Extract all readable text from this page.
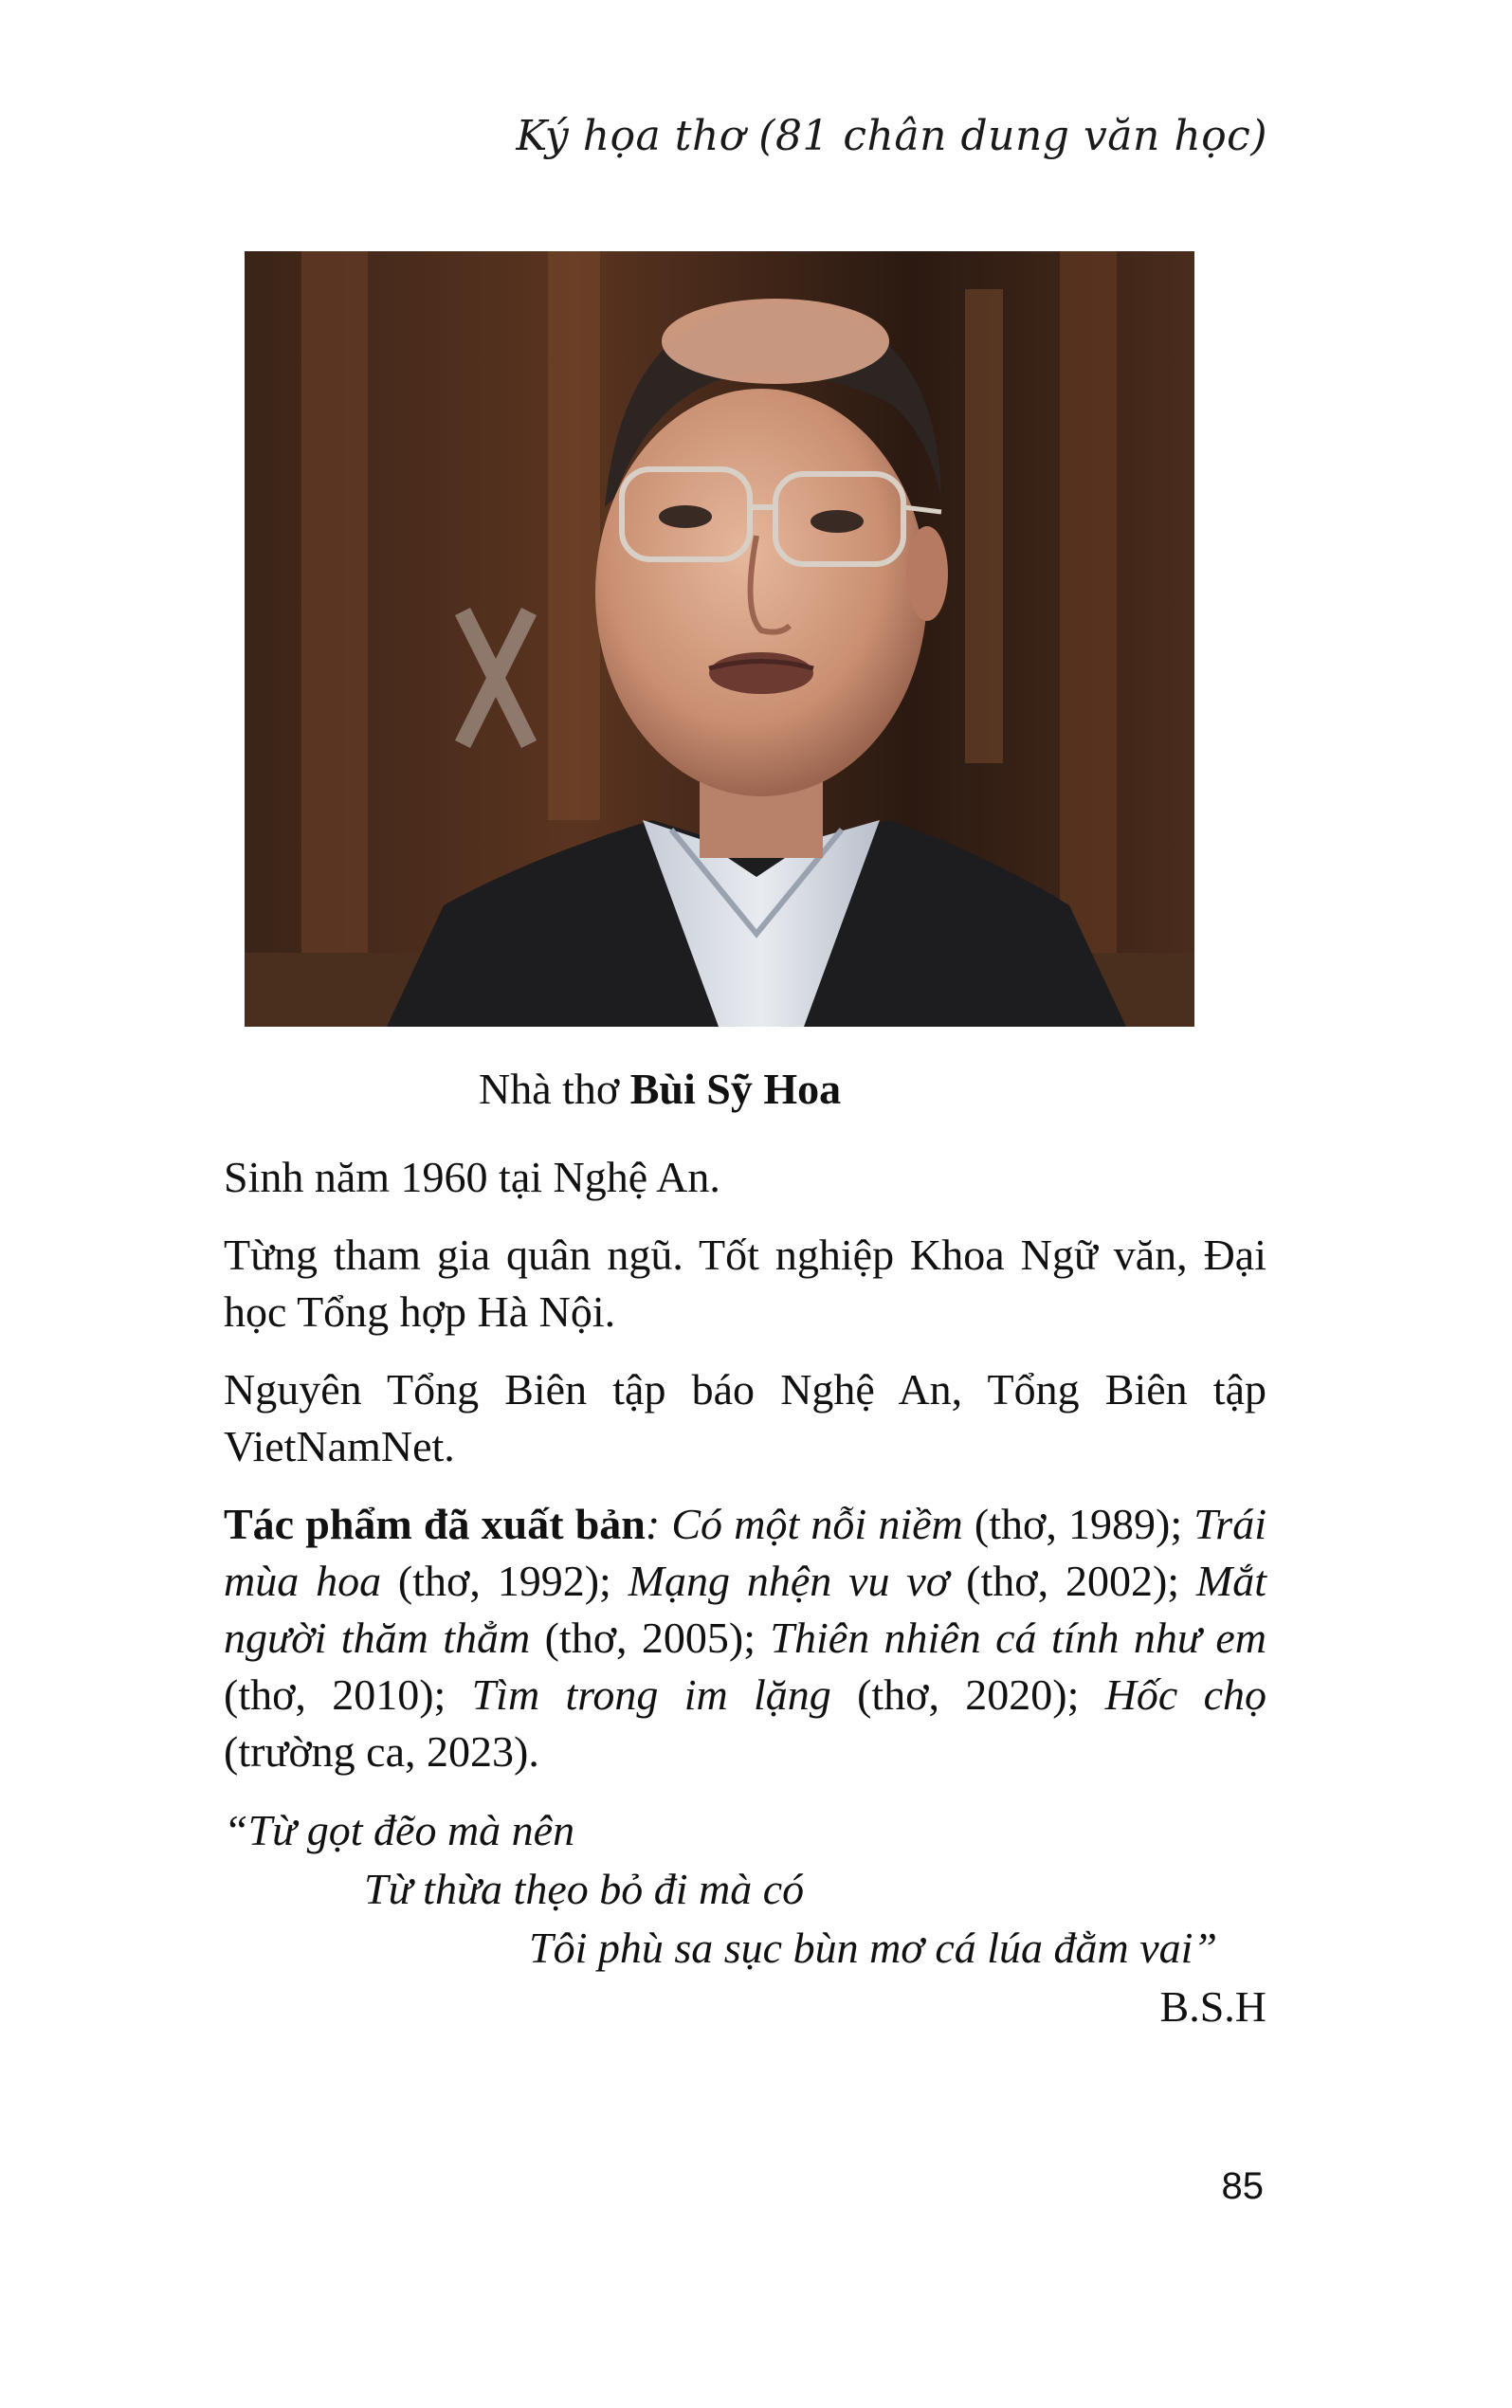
Ký họa thơ (81 chân dung văn học)
Nhà thơ Bùi Sỹ Hoa

Sinh năm 1960 tại Nghệ An.

Từng tham gia quân ngũ. Tốt nghiệp Khoa Ngữ văn, Đại học Tổng hợp Hà Nội.

Nguyên Tổng Biên tập báo Nghệ An, Tổng Biên tập VietNamNet.

Tác phẩm đã xuất bản: Có một nỗi niềm (thơ, 1989); Trái mùa hoa (thơ, 1992); Mạng nhện vu vơ (thơ, 2002); Mắt người thăm thẳm (thơ, 2005); Thiên nhiên cá tính như em (thơ, 2010); Tìm trong im lặng (thơ, 2020); Hốc chọ (trường ca, 2023).

“Từ gọt đẽo mà nên
Từ thừa thẹo bỏ đi mà có
Tôi phù sa sục bùn mơ cá lúa đằm vai”
B.S.H
85
